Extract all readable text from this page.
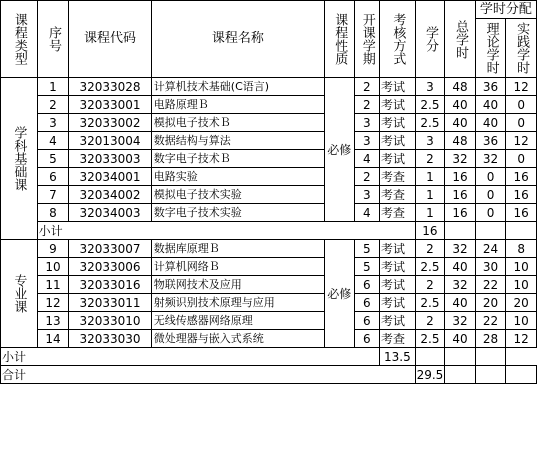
课程类型	序号	课程代码	课程名称	课程性质	开课学期	考核方式	学分	总学时	学时分配	
									理论学时	实践学时
学科基础课	1	32033028	计算机技术基础(C语言)	必修	2	考试	3	48	36	12
	2	32033001	电路原理Ｂ		2	考试	2.5	40	40	0
	3	32033002	模拟电子技术Ｂ		3	考试	2.5	40	40	0
	4	32013004	数据结构与算法		3	考试	3	48	36	12
	5	32033003	数字电子技术Ｂ		4	考试	2	32	32	0
	6	32034001	电路实验		2	考查	1	16	0	16
	7	32034002	模拟电子技术实验		3	考查	1	16	0	16
	8	32034003	数字电子技术实验		4	考查	1	16	0	16
	小计						16			
专业课	9	32033007	数据库原理Ｂ	必修	5	考试	2	32	24	8
	10	32033006	计算机网络Ｂ		5	考试	2.5	40	30	10
	11	32033016	物联网技术及应用		6	考试	2	32	22	10
	12	32033011	射频识别技术原理与应用		6	考试	2.5	40	20	20
	13	32033010	无线传感器网络原理		6	考试	2	32	22	10
	14	32033030	微处理器与嵌入式系统		6	考查	2.5	40	28	12
小计						13.5				
合计							29.5			
